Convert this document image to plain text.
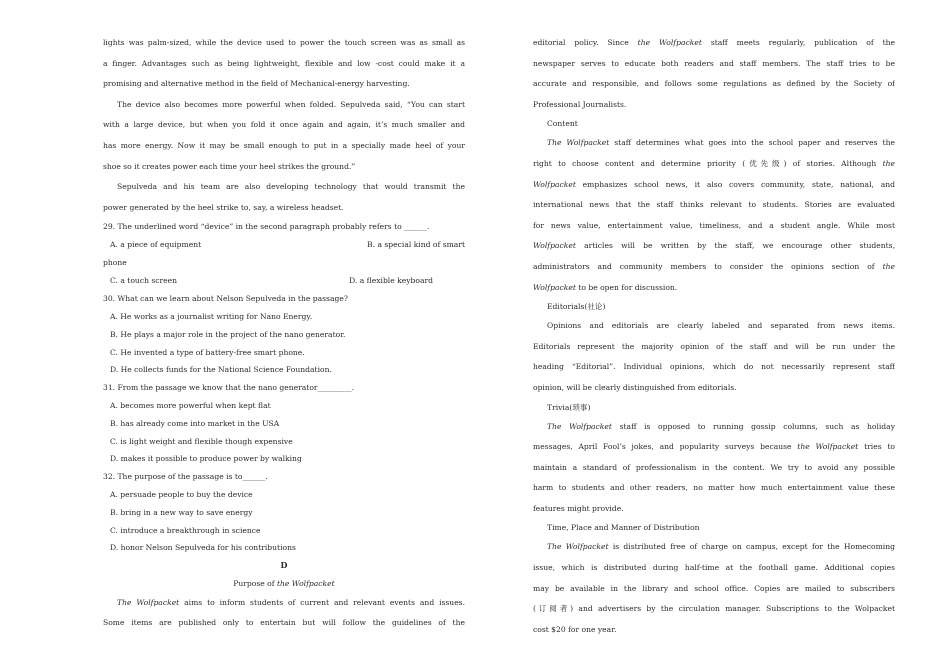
lights was palm-sized, while the device used to power the touch screen was as small as
a finger. Advantages such as being lightweight, flexible and low -cost could make it a
promising and alternative method in the field of Mechanical-energy harvesting.
The device also becomes more powerful when folded. Sepulveda said, “You can start
with a large device, but when you fold it once again and again, it’s much smaller and
has more energy. Now it may be small enough to put in a specially made heel of your
shoe so it creates power each time your heel strikes the ground.”
Sepulveda and his team are also developing technology that would transmit the
power generated by the heel strike to, say, a wireless headset.
29. The underlined word “device” in the second paragraph probably refers to ______.
A. a piece of equipment	B. a special kind of smart
phone
C. a touch screen	D. a flexible keyboard
30. What can we learn about Nelson Sepulveda in the passage?
A. He works as a journalist writing for Nano Energy.
B. He plays a major role in the project of the nano generator.
C. He invented a type of battery-free smart phone.
D. He collects funds for the National Science Foundation.
31. From the passage we know that the nano generator_________.
A. becomes more powerful when kept flat
B. has already come into market in the USA
C. is light weight and flexible though expensive
D. makes it possible to produce power by walking
32. The purpose of the passage is to______.
A. persuade people to buy the device
B. bring in a new way to save energy
C. introduce a breakthrough in science
D. honor Nelson Sepulveda for his contributions
D
Purpose of the Wolfpacket
The Wolfpacket aims to inform students of current and relevant events and issues.
Some items are published only to entertain but will follow the guidelines of the
editorial policy. Since the Wolfpacket staff meets regularly, publication of the
newspaper serves to educate both readers and staff members. The staff tries to be
accurate and responsible, and follows some regulations as defined by the Society of
Professional Journalists.
Content
The Wolfpacket staff determines what goes into the school paper and reserves the
right to choose content and determine priority (优先级) of stories. Although the
Wolfpacket emphasizes school news, it also covers community, state, national, and
international news that the staff thinks relevant to students. Stories are evaluated
for news value, entertainment value, timeliness, and a student angle. While most
Wolfpacket articles will be written by the staff, we encourage other students,
administrators and community members to consider the opinions section of the
Wolfpacket to be open for discussion.
Editorials(社论)
Opinions and editorials are clearly labeled and separated from news items.
Editorials represent the majority opinion of the staff and will be run under the
heading “Editorial”. Individual opinions, which do not necessarily represent staff
opinion, will be clearly distinguished from editorials.
Trivia(琐事)
The Wolfpacket staff is opposed to running gossip columns, such as holiday
messages, April Fool’s jokes, and popularity surveys because the Wolfpacket tries to
maintain a standard of professionalism in the content. We try to avoid any possible
harm to students and other readers, no matter how much entertainment value these
features might provide.
Time, Place and Manner of Distribution
The Wolfpacket is distributed free of charge on campus, except for the Homecoming
issue, which is distributed during half-time at the football game. Additional copies
may be available in the library and school office. Copies are mailed to subscribers
(订阅者) and advertisers by the circulation manager. Subscriptions to the Wolpacket
cost $20 for one year.
